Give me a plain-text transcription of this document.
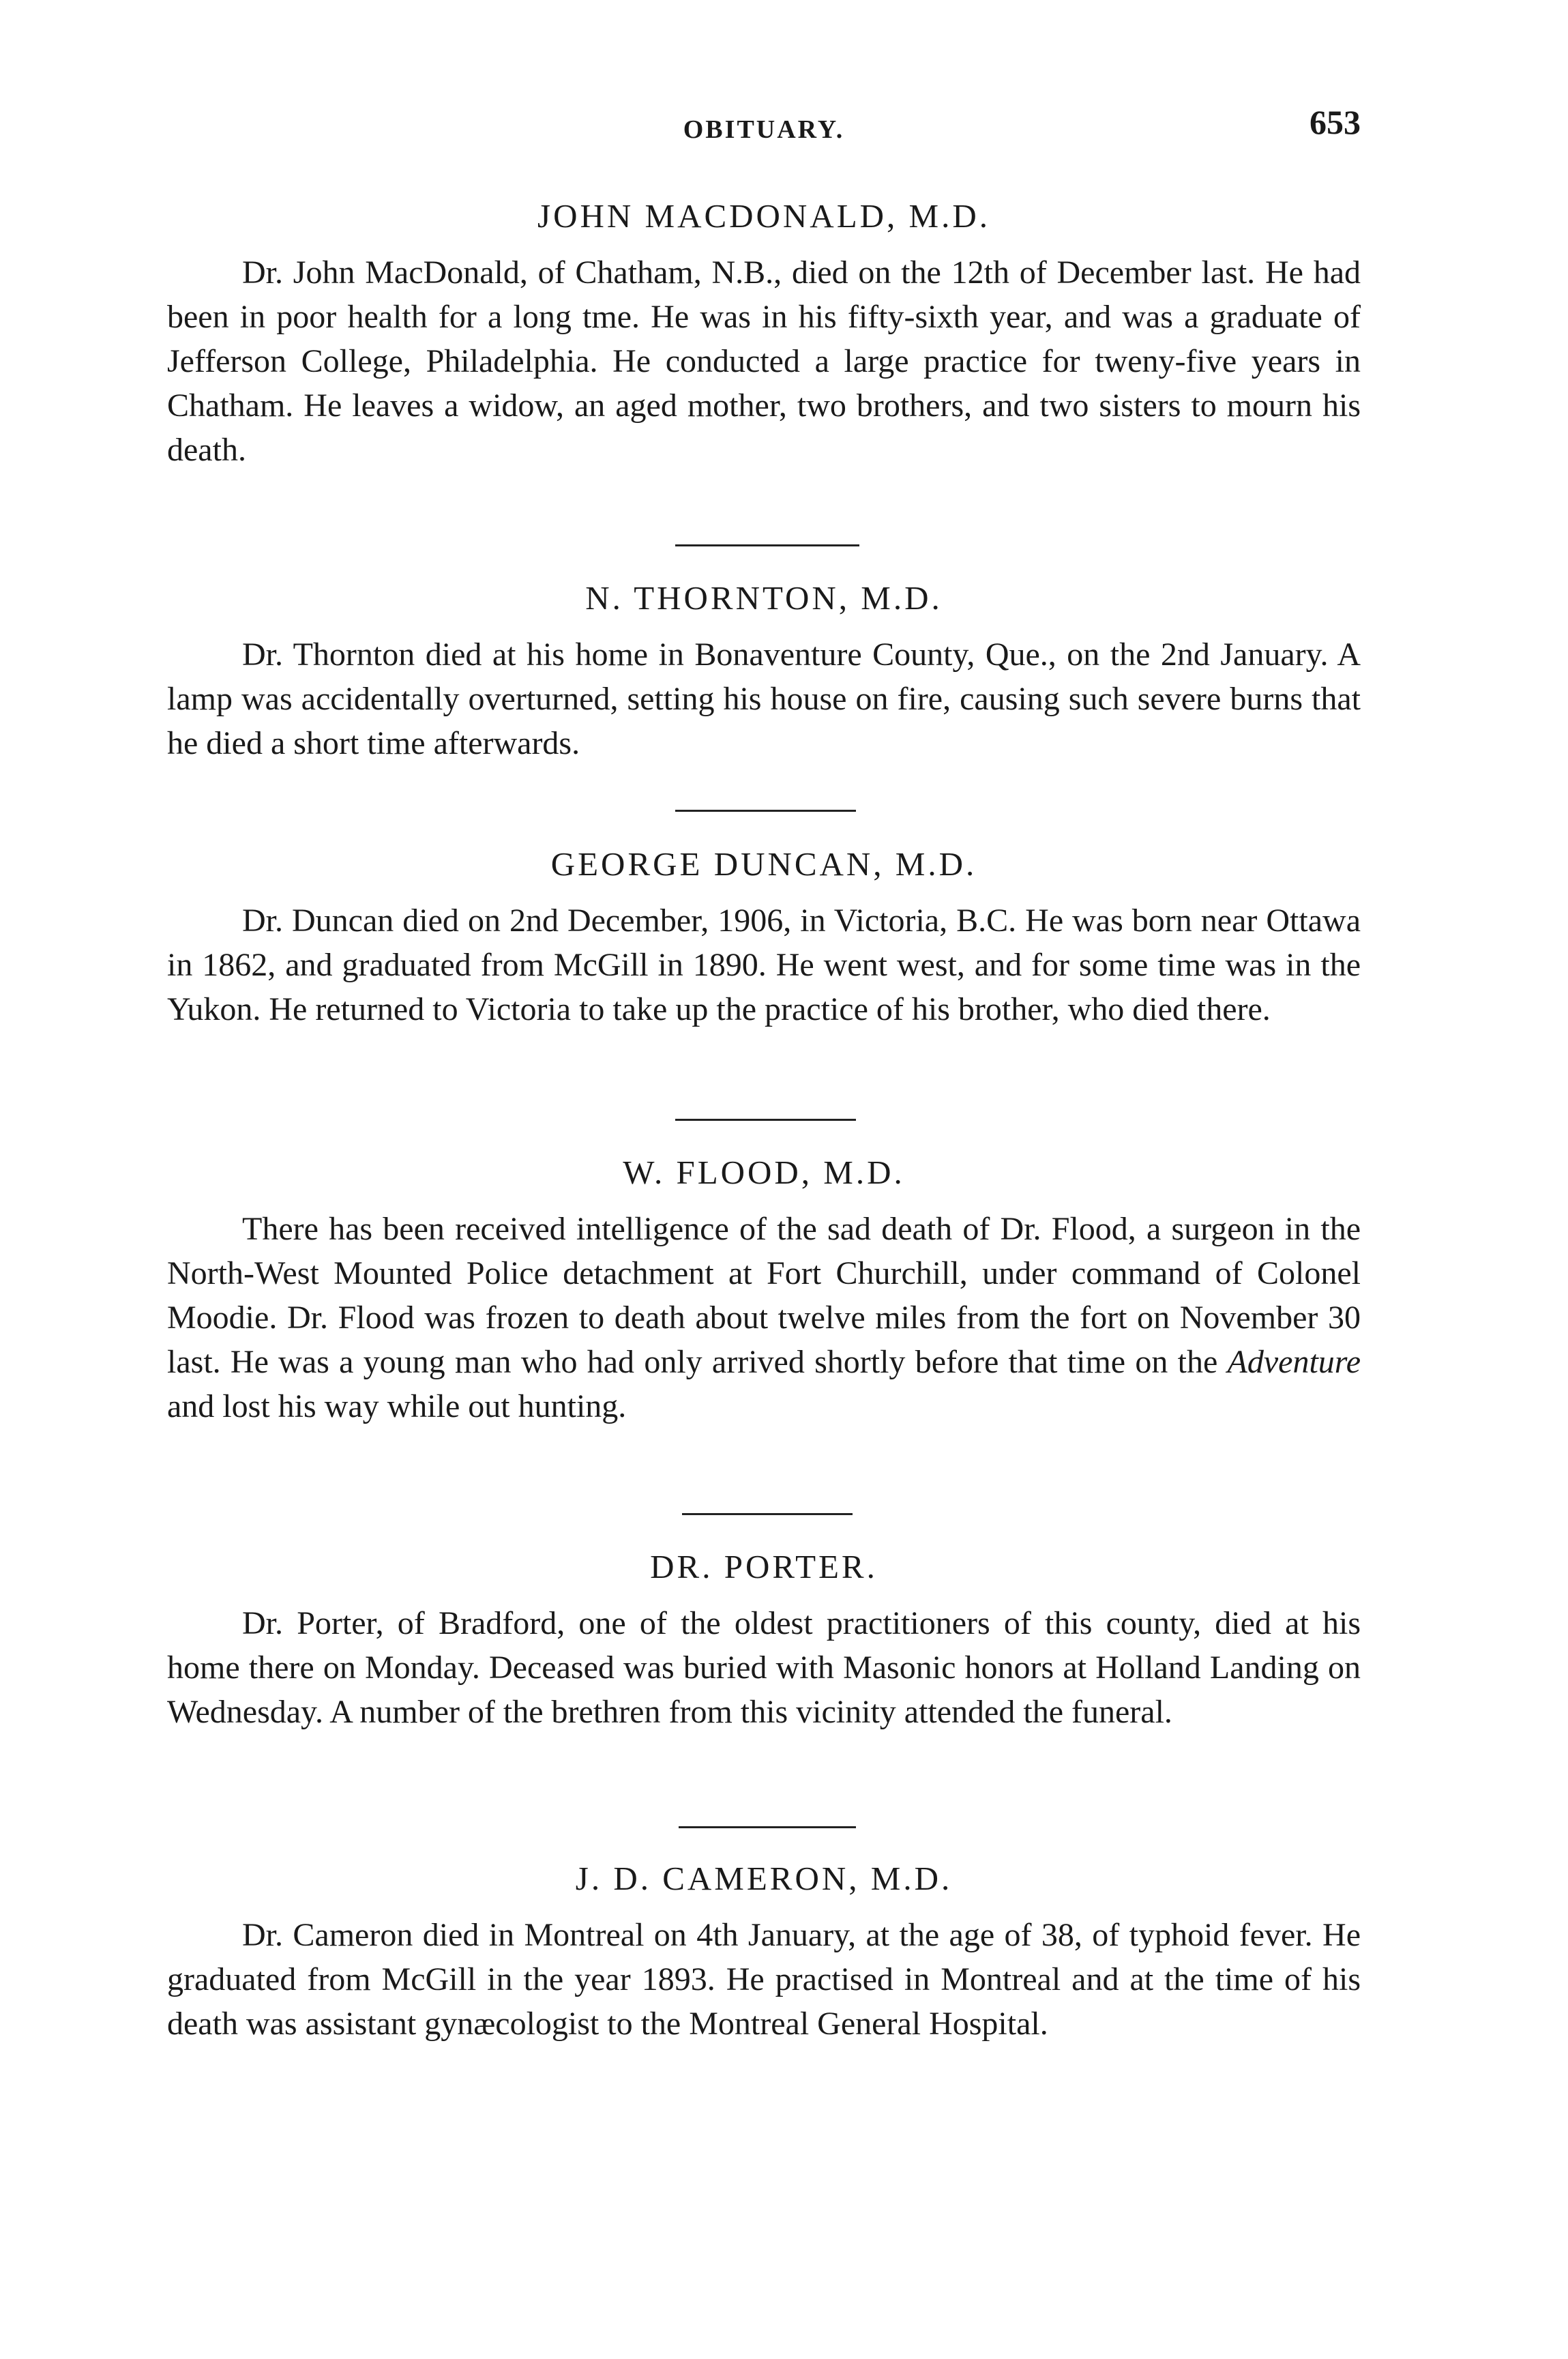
OBITUARY.	653
JOHN MACDONALD, M.D.

Dr. John MacDonald, of Chatham, N.B., died on the 12th of December last. He had been in poor health for a long tme. He was in his fifty-sixth year, and was a graduate of Jefferson College, Philadelphia. He conducted a large practice for tweny-five years in Chatham. He leaves a widow, an aged mother, two brothers, and two sisters to mourn his death.

N. THORNTON, M.D.

Dr. Thornton died at his home in Bonaventure County, Que., on the 2nd January. A lamp was accidentally overturned, setting his house on fire, causing such severe burns that he died a short time afterwards.

GEORGE DUNCAN, M.D.

Dr. Duncan died on 2nd December, 1906, in Victoria, B.C. He was born near Ottawa in 1862, and graduated from McGill in 1890. He went west, and for some time was in the Yukon. He returned to Victoria to take up the practice of his brother, who died there.

W. FLOOD, M.D.

There has been received intelligence of the sad death of Dr. Flood, a surgeon in the North-West Mounted Police detachment at Fort Churchill, under command of Colonel Moodie. Dr. Flood was frozen to death about twelve miles from the fort on November 30 last. He was a young man who had only arrived shortly before that time on the Adventure and lost his way while out hunting.

DR. PORTER.

Dr. Porter, of Bradford, one of the oldest practitioners of this county, died at his home there on Monday. Deceased was buried with Masonic honors at Holland Landing on Wednesday. A number of the brethren from this vicinity attended the funeral.

J. D. CAMERON, M.D.

Dr. Cameron died in Montreal on 4th January, at the age of 38, of typhoid fever. He graduated from McGill in the year 1893. He practised in Montreal and at the time of his death was assistant gynæcologist to the Montreal General Hospital.
